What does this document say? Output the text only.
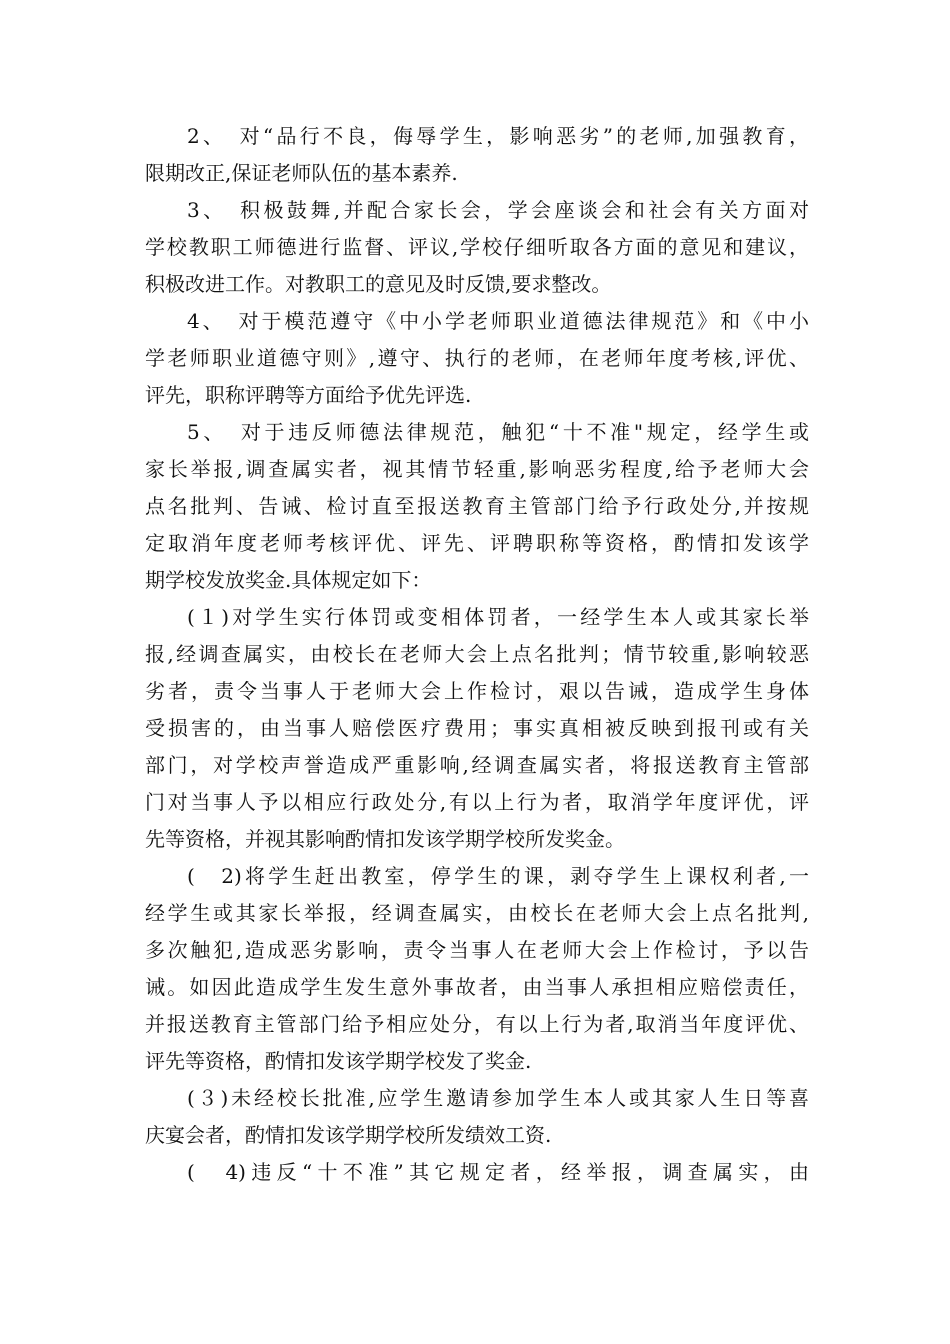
2、　对“品行不良，侮辱学生，影响恶劣”的老师,加强教育，
限期改正,保证老师队伍的基本素养.
3、　积极鼓舞,并配合家长会，学会座谈会和社会有关方面对
学校教职工师德进行监督、评议,学校仔细听取各方面的意见和建议，
积极改进工作。对教职工的意见及时反馈,要求整改。
4、　对于模范遵守《中小学老师职业道德法律规范》和《中小
学老师职业道德守则》,遵守、执行的老师，在老师年度考核,评优、
评先，职称评聘等方面给予优先评选.
5、　对于违反师德法律规范，触犯“十不准"规定，经学生或
家长举报,调查属实者，视其情节轻重,影响恶劣程度,给予老师大会
点名批判、告诫、检讨直至报送教育主管部门给予行政处分,并按规
定取消年度老师考核评优、评先、评聘职称等资格，酌情扣发该学
期学校发放奖金.具体规定如下：
(１)对学生实行体罚或变相体罚者，一经学生本人或其家长举
报,经调查属实，由校长在老师大会上点名批判；情节较重,影响较恶
劣者，责令当事人于老师大会上作检讨，艰以告诫，造成学生身体
受损害的，由当事人赔偿医疗费用；事实真相被反映到报刊或有关
部门，对学校声誉造成严重影响,经调查属实者，将报送教育主管部
门对当事人予以相应行政处分,有以上行为者，取消学年度评优，评
先等资格，并视其影响酌情扣发该学期学校所发奖金。
(　2)将学生赶出教室，停学生的课，剥夺学生上课权利者,一
经学生或其家长举报，经调查属实，由校长在老师大会上点名批判,
多次触犯,造成恶劣影响，责令当事人在老师大会上作检讨，予以告
诫。如因此造成学生发生意外事故者，由当事人承担相应赔偿责任，
并报送教育主管部门给予相应处分，有以上行为者,取消当年度评优、
评先等资格，酌情扣发该学期学校发了奖金.
(３)未经校长批准,应学生邀请参加学生本人或其家人生日等喜
庆宴会者，酌情扣发该学期学校所发绩效工资.
(　4)违反“十不准”其它规定者，经举报，调查属实，由
